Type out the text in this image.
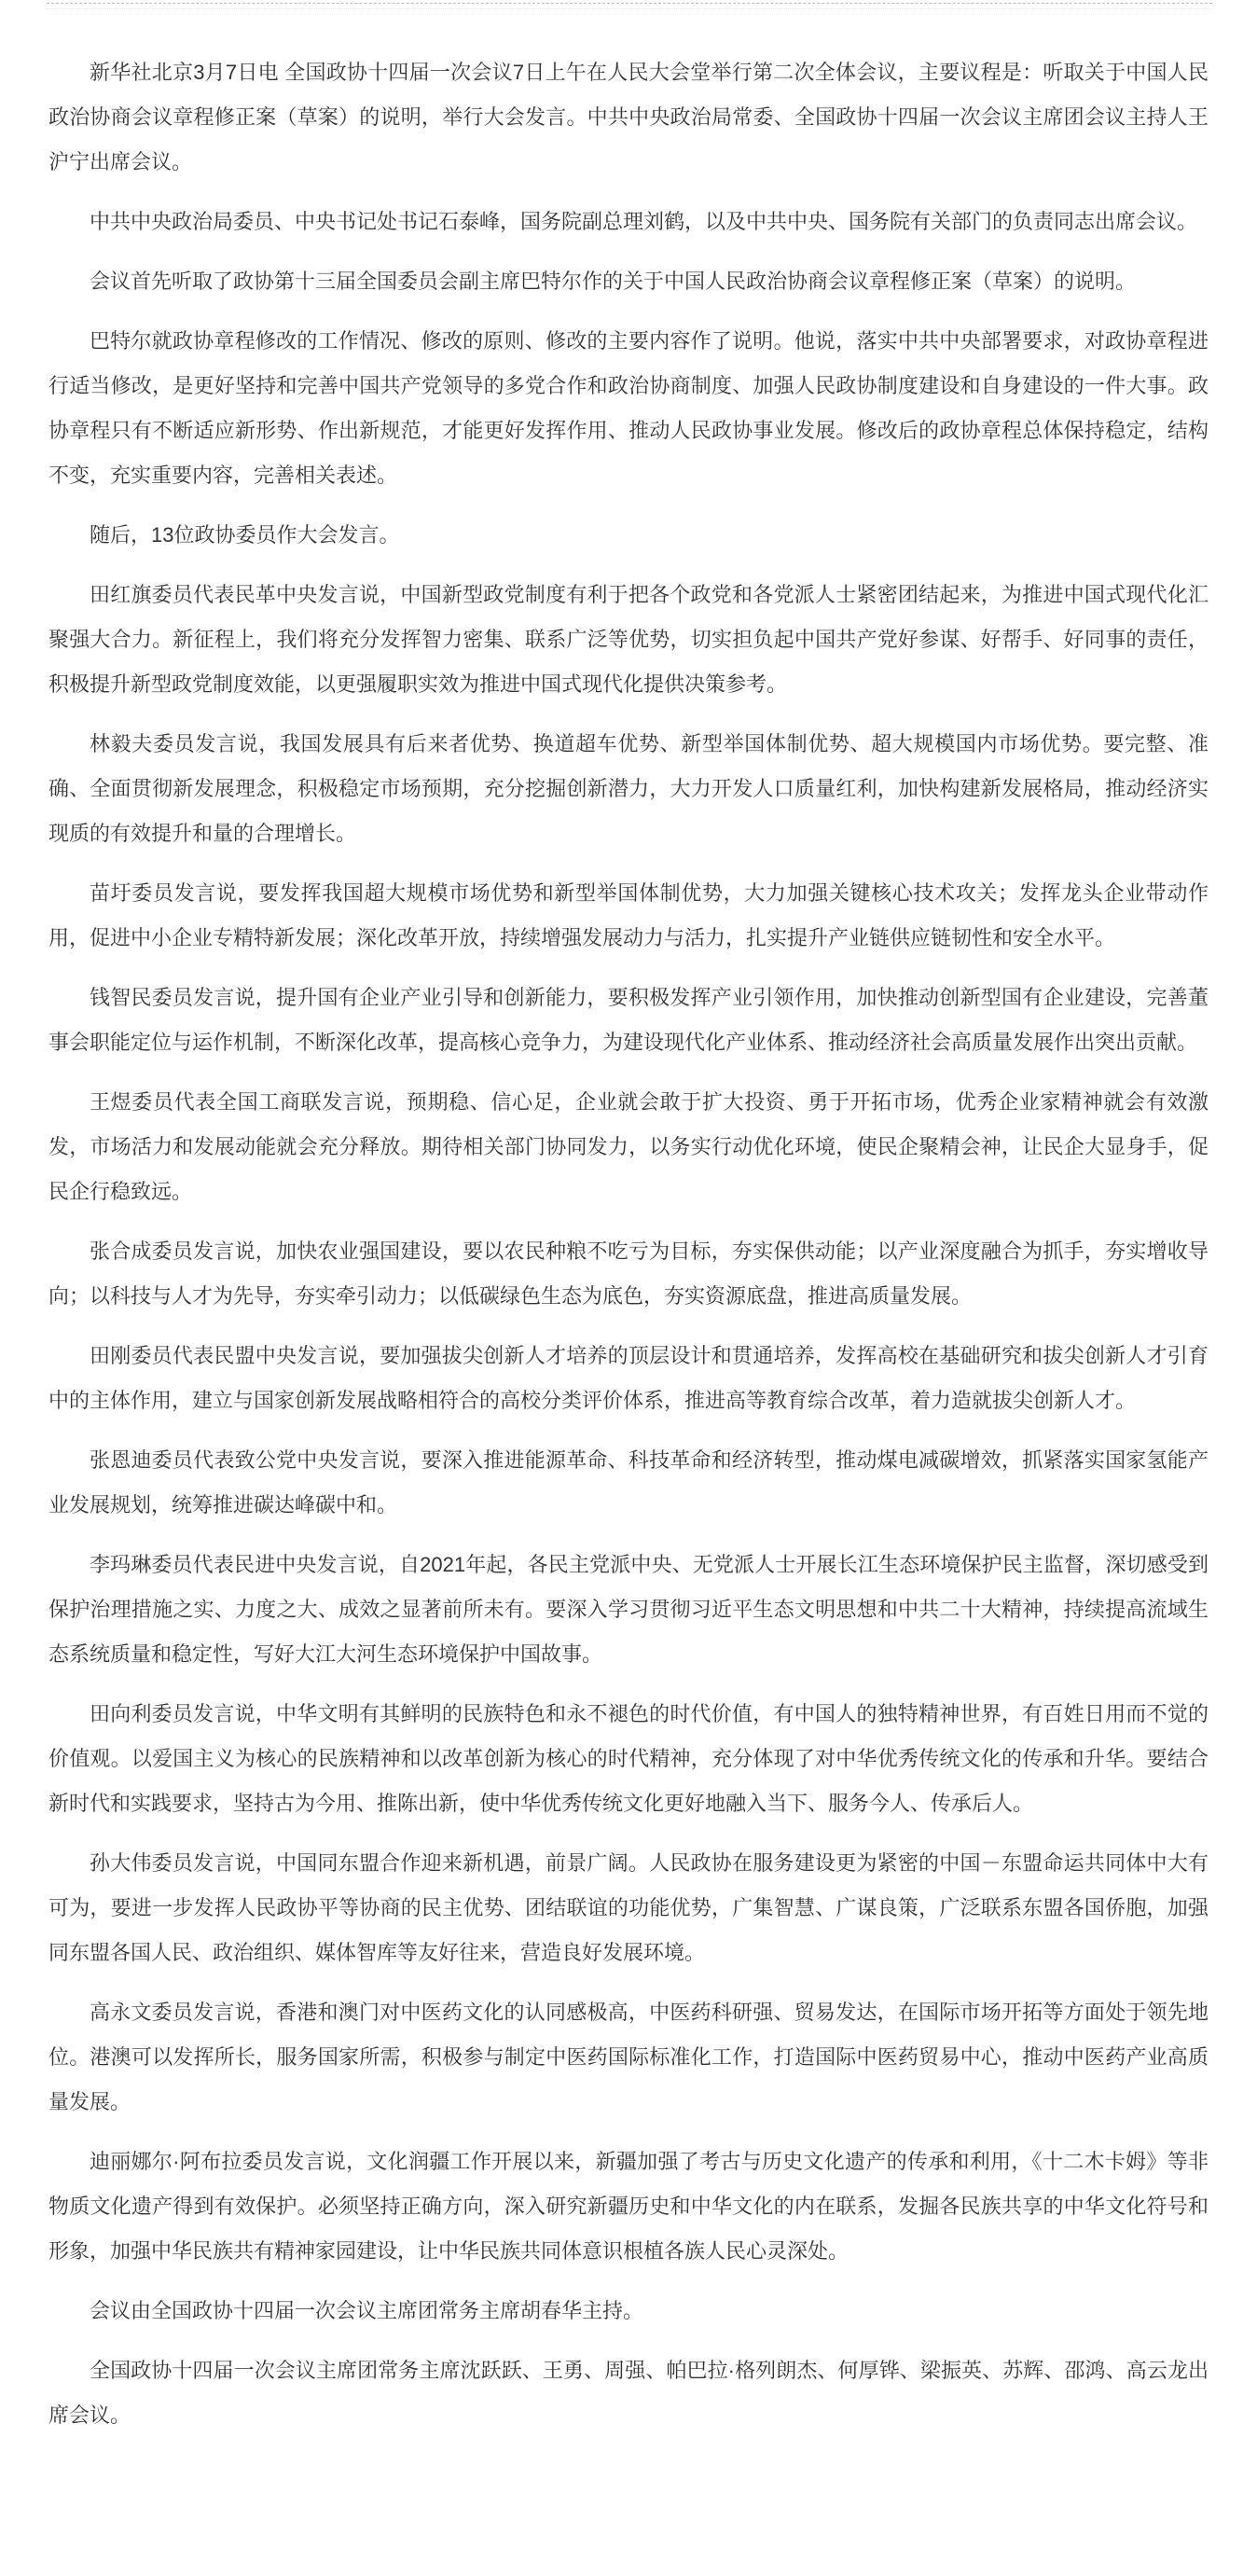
新华社北京3月7日电 全国政协十四届一次会议7日上午在人民大会堂举行第二次全体会议，主要议程是：听取关于中国人民政治协商会议章程修正案（草案）的说明，举行大会发言。中共中央政治局常委、全国政协十四届一次会议主席团会议主持人王沪宁出席会议。

中共中央政治局委员、中央书记处书记石泰峰，国务院副总理刘鹤，以及中共中央、国务院有关部门的负责同志出席会议。

会议首先听取了政协第十三届全国委员会副主席巴特尔作的关于中国人民政治协商会议章程修正案（草案）的说明。

巴特尔就政协章程修改的工作情况、修改的原则、修改的主要内容作了说明。他说，落实中共中央部署要求，对政协章程进行适当修改，是更好坚持和完善中国共产党领导的多党合作和政治协商制度、加强人民政协制度建设和自身建设的一件大事。政协章程只有不断适应新形势、作出新规范，才能更好发挥作用、推动人民政协事业发展。修改后的政协章程总体保持稳定，结构不变，充实重要内容，完善相关表述。

随后，13位政协委员作大会发言。

田红旗委员代表民革中央发言说，中国新型政党制度有利于把各个政党和各党派人士紧密团结起来，为推进中国式现代化汇聚强大合力。新征程上，我们将充分发挥智力密集、联系广泛等优势，切实担负起中国共产党好参谋、好帮手、好同事的责任，积极提升新型政党制度效能，以更强履职实效为推进中国式现代化提供决策参考。

林毅夫委员发言说，我国发展具有后来者优势、换道超车优势、新型举国体制优势、超大规模国内市场优势。要完整、准确、全面贯彻新发展理念，积极稳定市场预期，充分挖掘创新潜力，大力开发人口质量红利，加快构建新发展格局，推动经济实现质的有效提升和量的合理增长。

苗圩委员发言说，要发挥我国超大规模市场优势和新型举国体制优势，大力加强关键核心技术攻关；发挥龙头企业带动作用，促进中小企业专精特新发展；深化改革开放，持续增强发展动力与活力，扎实提升产业链供应链韧性和安全水平。

钱智民委员发言说，提升国有企业产业引导和创新能力，要积极发挥产业引领作用，加快推动创新型国有企业建设，完善董事会职能定位与运作机制，不断深化改革，提高核心竞争力，为建设现代化产业体系、推动经济社会高质量发展作出突出贡献。

王煜委员代表全国工商联发言说，预期稳、信心足，企业就会敢于扩大投资、勇于开拓市场，优秀企业家精神就会有效激发，市场活力和发展动能就会充分释放。期待相关部门协同发力，以务实行动优化环境，使民企聚精会神，让民企大显身手，促民企行稳致远。

张合成委员发言说，加快农业强国建设，要以农民种粮不吃亏为目标，夯实保供动能；以产业深度融合为抓手，夯实增收导向；以科技与人才为先导，夯实牵引动力；以低碳绿色生态为底色，夯实资源底盘，推进高质量发展。

田刚委员代表民盟中央发言说，要加强拔尖创新人才培养的顶层设计和贯通培养，发挥高校在基础研究和拔尖创新人才引育中的主体作用，建立与国家创新发展战略相符合的高校分类评价体系，推进高等教育综合改革，着力造就拔尖创新人才。

张恩迪委员代表致公党中央发言说，要深入推进能源革命、科技革命和经济转型，推动煤电减碳增效，抓紧落实国家氢能产业发展规划，统筹推进碳达峰碳中和。

李玛琳委员代表民进中央发言说，自2021年起，各民主党派中央、无党派人士开展长江生态环境保护民主监督，深切感受到保护治理措施之实、力度之大、成效之显著前所未有。要深入学习贯彻习近平生态文明思想和中共二十大精神，持续提高流域生态系统质量和稳定性，写好大江大河生态环境保护中国故事。

田向利委员发言说，中华文明有其鲜明的民族特色和永不褪色的时代价值，有中国人的独特精神世界，有百姓日用而不觉的价值观。以爱国主义为核心的民族精神和以改革创新为核心的时代精神，充分体现了对中华优秀传统文化的传承和升华。要结合新时代和实践要求，坚持古为今用、推陈出新，使中华优秀传统文化更好地融入当下、服务今人、传承后人。

孙大伟委员发言说，中国同东盟合作迎来新机遇，前景广阔。人民政协在服务建设更为紧密的中国－东盟命运共同体中大有可为，要进一步发挥人民政协平等协商的民主优势、团结联谊的功能优势，广集智慧、广谋良策，广泛联系东盟各国侨胞，加强同东盟各国人民、政治组织、媒体智库等友好往来，营造良好发展环境。

高永文委员发言说，香港和澳门对中医药文化的认同感极高，中医药科研强、贸易发达，在国际市场开拓等方面处于领先地位。港澳可以发挥所长，服务国家所需，积极参与制定中医药国际标准化工作，打造国际中医药贸易中心，推动中医药产业高质量发展。

迪丽娜尔·阿布拉委员发言说，文化润疆工作开展以来，新疆加强了考古与历史文化遗产的传承和利用，《十二木卡姆》等非物质文化遗产得到有效保护。必须坚持正确方向，深入研究新疆历史和中华文化的内在联系，发掘各民族共享的中华文化符号和形象，加强中华民族共有精神家园建设，让中华民族共同体意识根植各族人民心灵深处。

会议由全国政协十四届一次会议主席团常务主席胡春华主持。

全国政协十四届一次会议主席团常务主席沈跃跃、王勇、周强、帕巴拉·格列朗杰、何厚铧、梁振英、苏辉、邵鸿、高云龙出席会议。
